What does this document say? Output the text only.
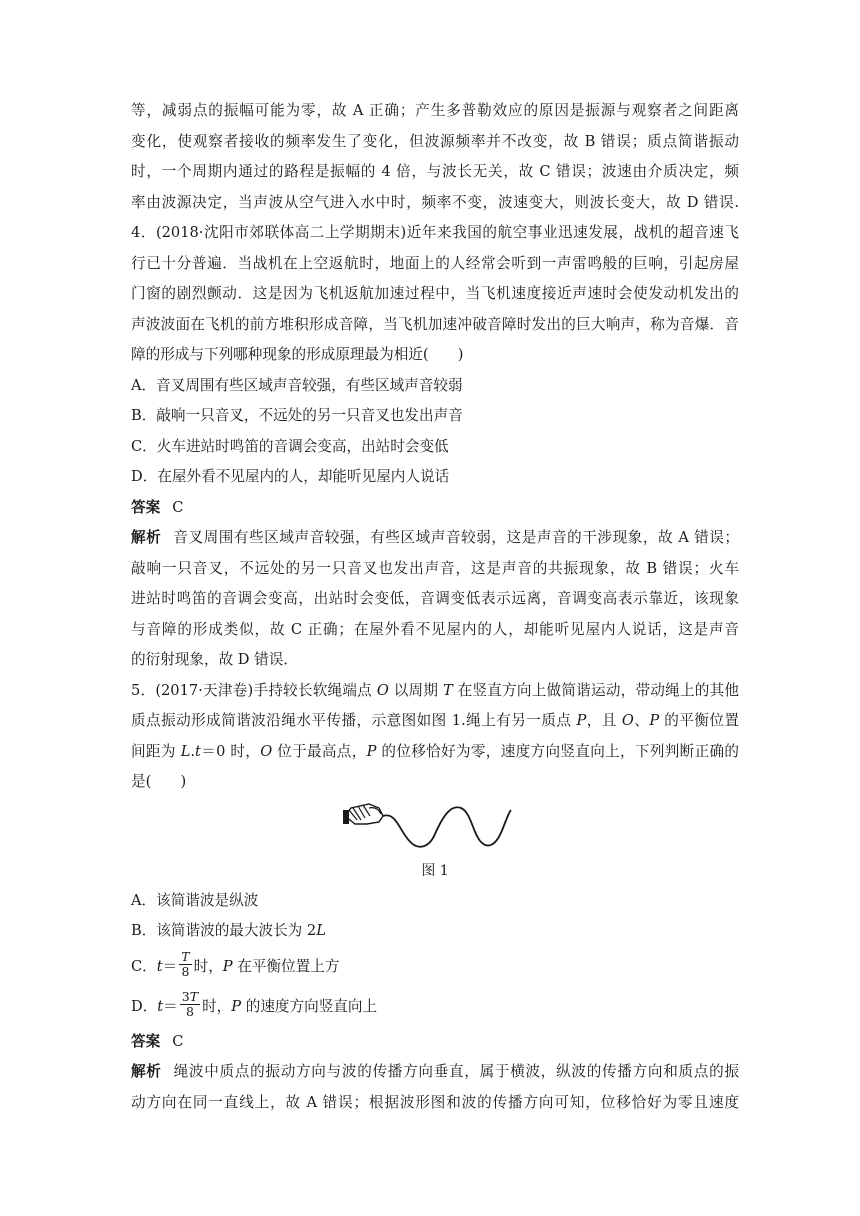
等，减弱点的振幅可能为零，故 A 正确；产生多普勒效应的原因是振源与观察者之间距离
变化，使观察者接收的频率发生了变化，但波源频率并不改变，故 B 错误；质点简谐振动
时，一个周期内通过的路程是振幅的 4 倍，与波长无关，故 C 错误；波速由介质决定，频
率由波源决定，当声波从空气进入水中时，频率不变，波速变大，则波长变大，故 D 错误.
4．(2018·沈阳市郊联体高二上学期期末)近年来我国的航空事业迅速发展，战机的超音速飞
行已十分普遍．当战机在上空返航时，地面上的人经常会听到一声雷鸣般的巨响，引起房屋
门窗的剧烈颤动．这是因为飞机返航加速过程中，当飞机速度接近声速时会使发动机发出的
声波波面在飞机的前方堆积形成音障，当飞机加速冲破音障时发出的巨大响声，称为音爆．音
障的形成与下列哪种现象的形成原理最为相近(　　)
A．音叉周围有些区域声音较强，有些区域声音较弱
B．敲响一只音叉，不远处的另一只音叉也发出声音
C．火车进站时鸣笛的音调会变高，出站时会变低
D．在屋外看不见屋内的人，却能听见屋内人说话
答案 C
解析 音叉周围有些区域声音较强，有些区域声音较弱，这是声音的干涉现象，故 A 错误；
敲响一只音叉，不远处的另一只音叉也发出声音，这是声音的共振现象，故 B 错误；火车
进站时鸣笛的音调会变高，出站时会变低，音调变低表示远离，音调变高表示靠近，该现象
与音障的形成类似，故 C 正确；在屋外看不见屋内的人，却能听见屋内人说话，这是声音
的衍射现象，故 D 错误．
5．(2017·天津卷)手持较长软绳端点 O 以周期 T 在竖直方向上做简谐运动，带动绳上的其他
质点振动形成简谐波沿绳水平传播，示意图如图 1.绳上有另一质点 P，且 O、P 的平衡位置
间距为 L.t＝0 时，O 位于最高点，P 的位移恰好为零，速度方向竖直向上，下列判断正确的
是(　　)
图 1
A．该简谐波是纵波
B．该简谐波的最大波长为 2L
C．$t= \frac{T}{8}$ 时，P 在平衡位置上方
D．$t= \frac{3T}{8}$ 时，P 的速度方向竖直向上
答案 C
解析 绳波中质点的振动方向与波的传播方向垂直，属于横波，纵波的传播方向和质点的振
动方向在同一直线上，故 A 错误；根据波形图和波的传播方向可知，位移恰好为零且速度
